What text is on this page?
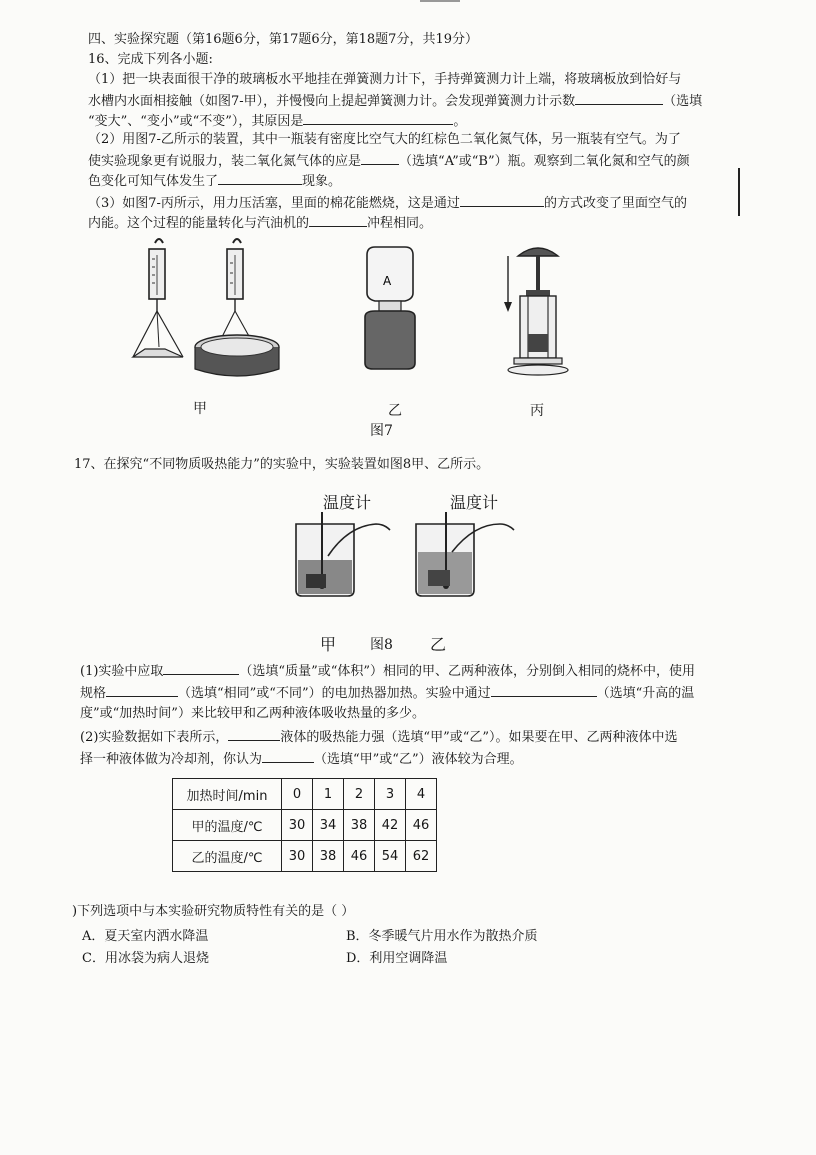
四、实验探究题（第16题6分，第17题6分，第18题7分，共19分）
16、完成下列各小题:
（1）把一块表面很干净的玻璃板水平地挂在弹簧测力计下，手持弹簧测力计上端，将玻璃板放到恰好与
水槽内水面相接触（如图7-甲），并慢慢向上提起弹簧测力计。会发现弹簧测力计示数	（选填
“变大”、“变小”或“不变”），其原因是	。
（2）用图7-乙所示的装置，其中一瓶装有密度比空气大的红棕色二氧化氮气体，另一瓶装有空气。为了
使实验现象更有说服力，装二氧化氮气体的应是	（选填“A”或“B”）瓶。观察到二氧化氮和空气的颜
色变化可知气体发生了	现象。
（3）如图7-丙所示，用力压活塞，里面的棉花能燃烧，这是通过	的方式改变了里面空气的
内能。这个过程的能量转化与汽油机的	冲程相同。
A
甲	乙	丙
图7
17、在探究“不同物质吸热能力”的实验中，实验装置如图8甲、乙所示。
温度计	温度计
甲 图8 乙
(1)实验中应取	（选填“质量”或“体积”）相同的甲、乙两种液体，分别倒入相同的烧杯中，使用
规格	（选填“相同”或“不同”）的电加热器加热。实验中通过	（选填“升高的温
度”或“加热时间”）来比较甲和乙两种液体吸收热量的多少。
(2)实验数据如下表所示，	液体的吸热能力强（选填“甲”或“乙”）。如果要在甲、乙两种液体中选
择一种液体做为冷却剂，你认为	（选填“甲”或“乙”）液体较为合理。
加热时间/min	0	1	2	3	4
甲的温度/℃	30	34	38	42	46
乙的温度/℃	30	38	46	54	62
)下列选项中与本实验研究物质特性有关的是（ ）
A．夏天室内洒水降温	B．冬季暖气片用水作为散热介质
C．用冰袋为病人退烧	D．利用空调降温
